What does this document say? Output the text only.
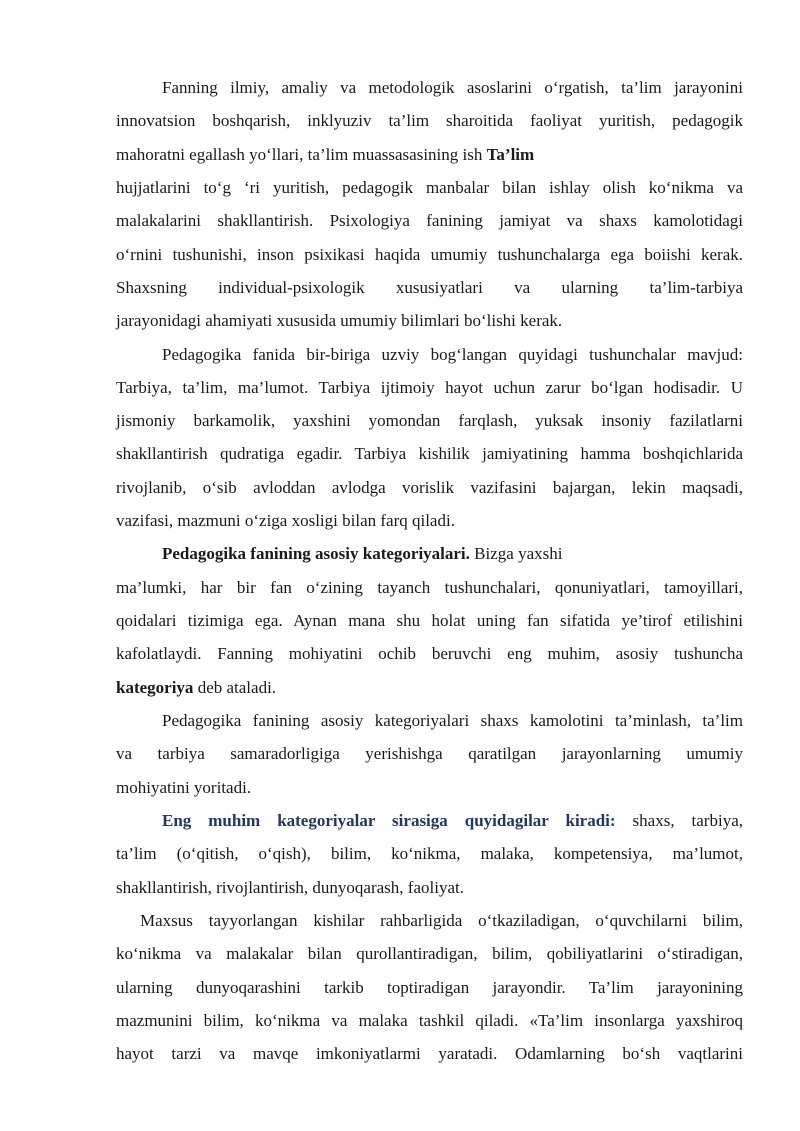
Fanning ilmiy, amaliy va metodologik asoslarini o‘rgatish, ta’lim jarayonini
innovatsion boshqarish, inklyuziv ta’lim sharoitida faoliyat yuritish, pedagogik
mahoratni egallash yo‘llari, ta’lim muassasasining ish Ta’lim
hujjatlarini to‘g ‘ri yuritish, pedagogik manbalar bilan ishlay olish ko‘nikma va
malakalarini shakllantirish. Psixologiya fanining jamiyat va shaxs kamolotidagi
o‘rnini tushunishi, inson psixikasi haqida umumiy tushunchalarga ega boiishi kerak.
Shaxsning individual-psixologik xususiyatlari va ularning ta’lim-tarbiya
jarayonidagi ahamiyati xususida umumiy bilimlari bo‘lishi kerak.
Pedagogika fanida bir-biriga uzviy bog‘langan quyidagi tushunchalar mavjud:
Tarbiya, ta’lim, ma’lumot. Tarbiya ijtimoiy hayot uchun zarur bo‘lgan hodisadir. U
jismoniy barkamolik, yaxshini yomondan farqlash, yuksak insoniy fazilatlarni
shakllantirish qudratiga egadir. Tarbiya kishilik jamiyatining hamma boshqichlarida
rivojlanib, o‘sib avloddan avlodga vorislik vazifasini bajargan, lekin maqsadi,
vazifasi, mazmuni o‘ziga xosligi bilan farq qiladi.
Pedagogika fanining asosiy kategoriyalari. Bizga yaxshi
ma’lumki, har bir fan o‘zining tayanch tushunchalari, qonuniyatlari, tamoyillari,
qoidalari tizimiga ega. Aynan mana shu holat uning fan sifatida ye’tirof etilishini
kafolatlaydi. Fanning mohiyatini ochib beruvchi eng muhim, asosiy tushuncha
kategoriya deb ataladi.
Pedagogika fanining asosiy kategoriyalari shaxs kamolotini ta’minlash, ta’lim
va tarbiya samaradorligiga yerishishga qaratilgan jarayonlarning umumiy
mohiyatini yoritadi.
Eng muhim kategoriyalar sirasiga quyidagilar kiradi: shaxs, tarbiya,
ta’lim (o‘qitish, o‘qish), bilim, ko‘nikma, malaka, kompetensiya, ma’lumot,
shakllantirish, rivojlantirish, dunyoqarash, faoliyat.
Maxsus tayyorlangan kishilar rahbarligida o‘tkaziladigan, o‘quvchilarni bilim,
ko‘nikma va malakalar bilan qurollantiradigan, bilim, qobiliyatlarini o‘stiradigan,
ularning dunyoqarashini tarkib toptiradigan jarayondir. Ta’lim jarayonining
mazmunini bilim, ko‘nikma va malaka tashkil qiladi. «Ta’lim insonlarga yaxshiroq
hayot tarzi va mavqe imkoniyatlarmi yaratadi. Odamlarning bo‘sh vaqtlarini
